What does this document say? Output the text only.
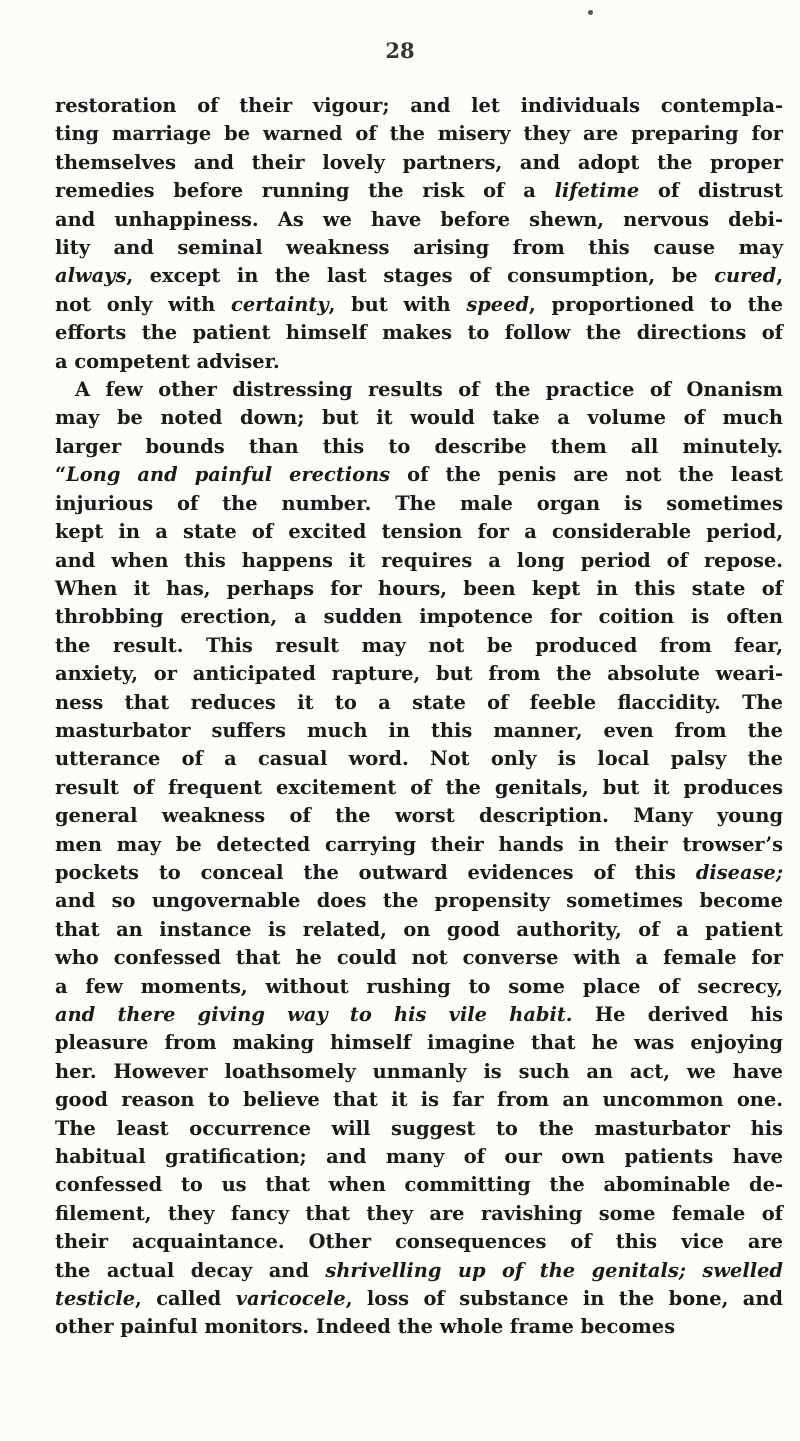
28
restoration of their vigour; and let individuals contempla-
ting marriage be warned of the misery they are preparing for
themselves and their lovely partners, and adopt the proper
remedies before running the risk of a lifetime of distrust
and unhappiness. As we have before shewn, nervous debi-
lity and seminal weakness arising from this cause may
always, except in the last stages of consumption, be cured,
not only with certainty, but with speed, proportioned to the
efforts the patient himself makes to follow the directions of
a competent adviser.
A few other distressing results of the practice of Onanism
may be noted down; but it would take a volume of much
larger bounds than this to describe them all minutely.
“Long and painful erections of the penis are not the least
injurious of the number. The male organ is sometimes
kept in a state of excited tension for a considerable period,
and when this happens it requires a long period of repose.
When it has, perhaps for hours, been kept in this state of
throbbing erection, a sudden impotence for coition is often
the result. This result may not be produced from fear,
anxiety, or anticipated rapture, but from the absolute weari-
ness that reduces it to a state of feeble flaccidity. The
masturbator suffers much in this manner, even from the
utterance of a casual word. Not only is local palsy the
result of frequent excitement of the genitals, but it produces
general weakness of the worst description. Many young
men may be detected carrying their hands in their trowser’s
pockets to conceal the outward evidences of this disease;
and so ungovernable does the propensity sometimes become
that an instance is related, on good authority, of a patient
who confessed that he could not converse with a female for
a few moments, without rushing to some place of secrecy,
and there giving way to his vile habit. He derived his
pleasure from making himself imagine that he was enjoying
her. However loathsomely unmanly is such an act, we have
good reason to believe that it is far from an uncommon one.
The least occurrence will suggest to the masturbator his
habitual gratification; and many of our own patients have
confessed to us that when committing the abominable de-
filement, they fancy that they are ravishing some female of
their acquaintance. Other consequences of this vice are
the actual decay and shrivelling up of the genitals; swelled
testicle, called varicocele, loss of substance in the bone, and
other painful monitors. Indeed the whole frame becomes
